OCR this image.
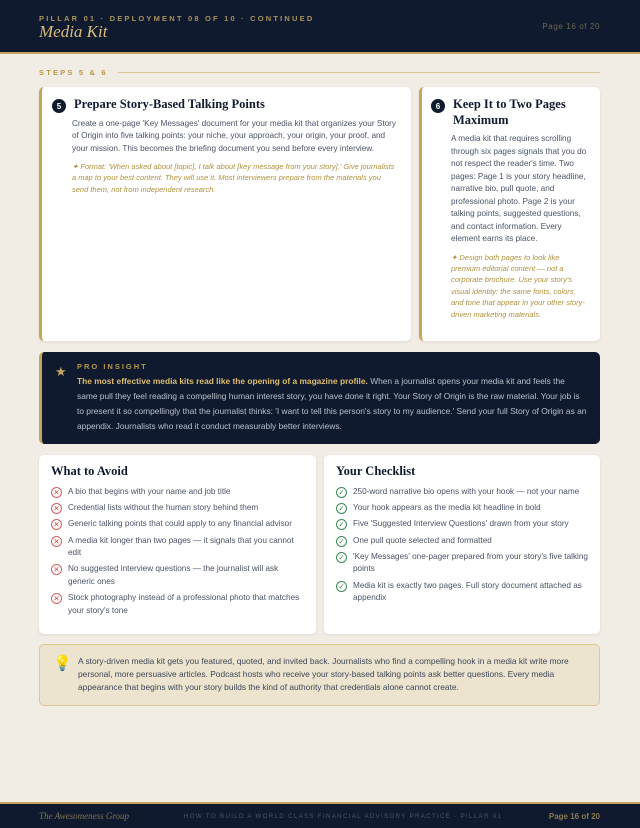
PILLAR 01 · DEPLOYMENT 08 OF 10 · CONTINUED
Media Kit	Page 16 of 20
STEPS 5 & 6
5	Prepare Story-Based Talking Points

Create a one-page 'Key Messages' document for your media kit that organizes your Story of Origin into five talking points: your niche, your approach, your origin, your proof, and your mission. This becomes the briefing document you send before every interview.

✦ Format: 'When asked about [topic], I talk about [key message from your story].' Give journalists a map to your best content. They will use it. Most interviewers prepare from the materials you send them, not from independent research.

6	Keep It to Two Pages Maximum

A media kit that requires scrolling through six pages signals that you do not respect the reader's time. Two pages: Page 1 is your story headline, narrative bio, pull quote, and professional photo. Page 2 is your talking points, suggested questions, and contact information. Every element earns its place.

✦ Design both pages to look like premium editorial content — not a corporate brochure. Use your story's visual identity: the same fonts, colors, and tone that appear in your other story-driven marketing materials.

★ PRO INSIGHT

The most effective media kits read like the opening of a magazine profile. When a journalist opens your media kit and feels the same pull they feel reading a compelling human interest story, you have done it right. Your Story of Origin is the raw material. Your job is to present it so compellingly that the journalist thinks: 'I want to tell this person's story to my audience.' Send your full Story of Origin as an appendix. Journalists who read it conduct measurably better interviews.

What to Avoid
✕ A bio that begins with your name and job title
✕ Credential lists without the human story behind them
✕ Generic talking points that could apply to any financial advisor
✕ A media kit longer than two pages — it signals that you cannot edit
✕ No suggested interview questions — the journalist will ask generic ones
✕ Stock photography instead of a professional photo that matches your story's tone
Your Checklist
✓ 250-word narrative bio opens with your hook — not your name
✓ Your hook appears as the media kit headline in bold
✓ Five 'Suggested Interview Questions' drawn from your story
✓ One pull quote selected and formatted
✓ 'Key Messages' one-pager prepared from your story's five talking points
✓ Media kit is exactly two pages. Full story document attached as appendix
💡 A story-driven media kit gets you featured, quoted, and invited back. Journalists who find a compelling hook in a media kit write more personal, more persuasive articles. Podcast hosts who receive your story-based talking points ask better questions. Every media appearance that begins with your story builds the kind of authority that credentials alone cannot create.

The Awesomeness Group	HOW TO BUILD A WORLD CLASS FINANCIAL ADVISORY PRACTICE · PILLAR 01	Page 16 of 20
